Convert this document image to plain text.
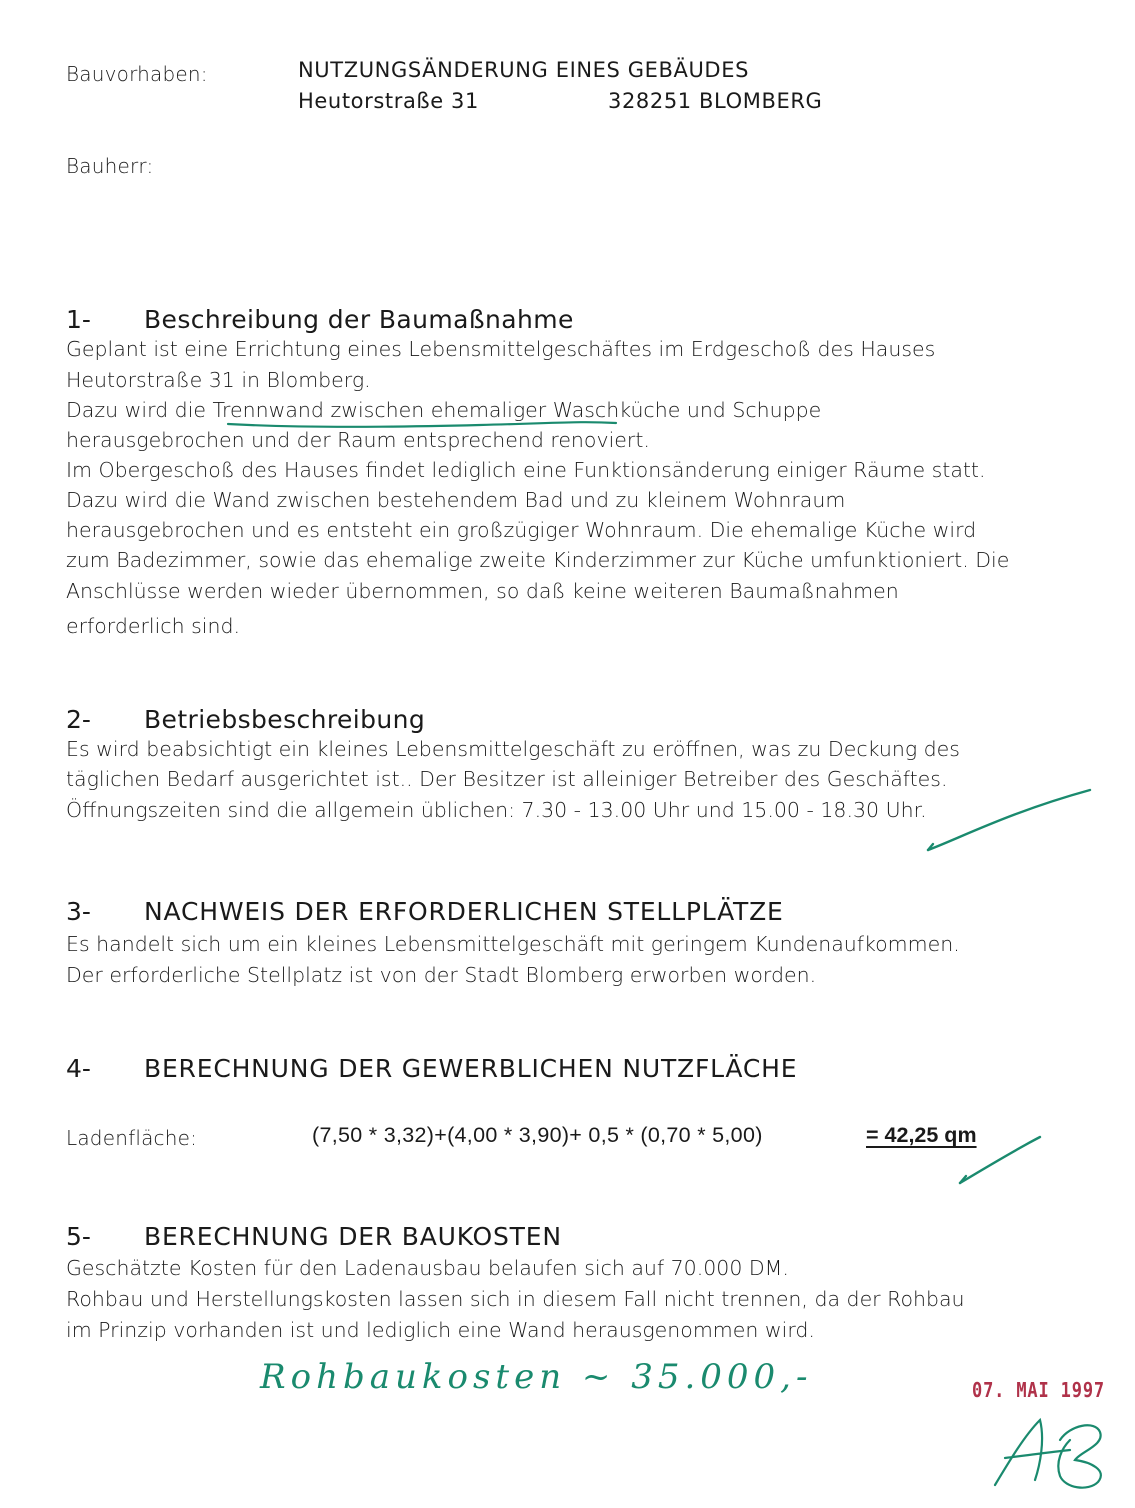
Bauvorhaben:	NUTZUNGSÄNDERUNG EINES GEBÄUDES
Heutorstraße 31	328251 BLOMBERG
Bauherr:
1- Beschreibung der Baumaßnahme
Geplant ist eine Errichtung eines Lebensmittelgeschäftes im Erdgeschoß des Hauses
Heutorstraße 31 in Blomberg.
Dazu wird die Trennwand zwischen ehemaliger Waschküche und Schuppe
herausgebrochen und der Raum entsprechend renoviert.
Im Obergeschoß des Hauses findet lediglich eine Funktionsänderung einiger Räume statt.
Dazu wird die Wand zwischen bestehendem Bad und zu kleinem Wohnraum
herausgebrochen und es entsteht ein großzügiger Wohnraum. Die ehemalige Küche wird
zum Badezimmer, sowie das ehemalige zweite Kinderzimmer zur Küche umfunktioniert. Die
Anschlüsse werden wieder übernommen, so daß keine weiteren Baumaßnahmen
erforderlich sind.
2- Betriebsbeschreibung
Es wird beabsichtigt ein kleines Lebensmittelgeschäft zu eröffnen, was zu Deckung des
täglichen Bedarf ausgerichtet ist.. Der Besitzer ist alleiniger Betreiber des Geschäftes.
Öffnungszeiten sind die allgemein üblichen: 7.30 - 13.00 Uhr und 15.00 - 18.30 Uhr.
3- NACHWEIS DER ERFORDERLICHEN STELLPLÄTZE
Es handelt sich um ein kleines Lebensmittelgeschäft mit geringem Kundenaufkommen.
Der erforderliche Stellplatz ist von der Stadt Blomberg erworben worden.
4- BERECHNUNG DER GEWERBLICHEN NUTZFLÄCHE
Ladenfläche:	(7,50 * 3,32)+(4,00 * 3,90)+ 0,5 * (0,70 * 5,00)	= 42,25 qm
5- BERECHNUNG DER BAUKOSTEN
Geschätzte Kosten für den Ladenausbau belaufen sich auf 70.000 DM.
Rohbau und Herstellungskosten lassen sich in diesem Fall nicht trennen, da der Rohbau
im Prinzip vorhanden ist und lediglich eine Wand herausgenommen wird.
Rohbaukosten ~ 35.000,-	07. MAI 1997
